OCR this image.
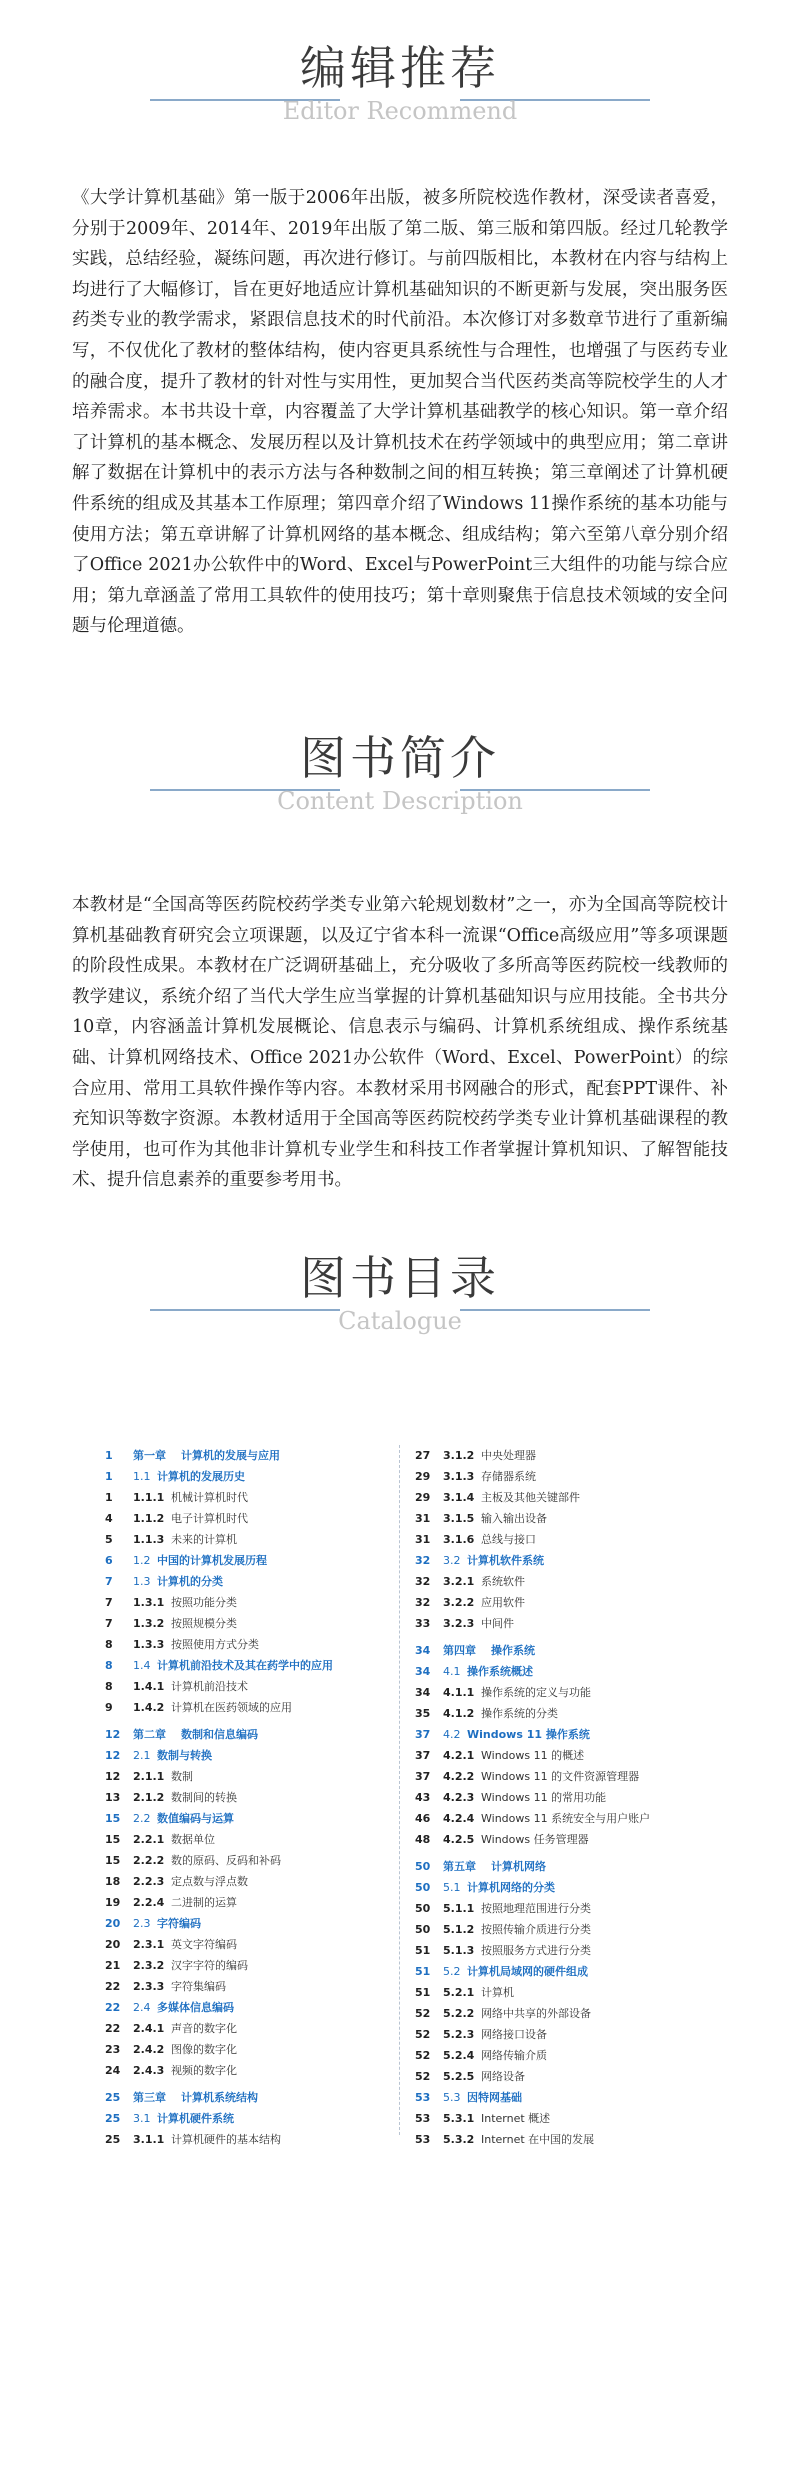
编辑推荐
Editor Recommend
《大学计算机基础》第一版于2006年出版，被多所院校选作教材，深受读者喜爱，分别于2009年、2014年、2019年出版了第二版、第三版和第四版。经过几轮教学实践，总结经验，凝练问题，再次进行修订。与前四版相比，本教材在内容与结构上均进行了大幅修订，旨在更好地适应计算机基础知识的不断更新与发展，突出服务医药类专业的教学需求，紧跟信息技术的时代前沿。本次修订对多数章节进行了重新编写，不仅优化了教材的整体结构，使内容更具系统性与合理性，也增强了与医药专业的融合度，提升了教材的针对性与实用性，更加契合当代医药类高等院校学生的人才培养需求。本书共设十章，内容覆盖了大学计算机基础教学的核心知识。第一章介绍了计算机的基本概念、发展历程以及计算机技术在药学领域中的典型应用；第二章讲解了数据在计算机中的表示方法与各种数制之间的相互转换；第三章阐述了计算机硬件系统的组成及其基本工作原理；第四章介绍了Windows 11操作系统的基本功能与使用方法；第五章讲解了计算机网络的基本概念、组成结构；第六至第八章分别介绍了Office 2021办公软件中的Word、Excel与PowerPoint三大组件的功能与综合应用；第九章涵盖了常用工具软件的使用技巧；第十章则聚焦于信息技术领域的安全问题与伦理道德。
图书简介
Content Description
本教材是“全国高等医药院校药学类专业第六轮规划数材”之一，亦为全国高等院校计算机基础教育研究会立项课题，以及辽宁省本科一流课“Office高级应用”等多项课题的阶段性成果。本教材在广泛调研基础上，充分吸收了多所高等医药院校一线教师的教学建议，系统介绍了当代大学生应当掌握的计算机基础知识与应用技能。全书共分10章，内容涵盖计算机发展概论、信息表示与编码、计算机系统组成、操作系统基础、计算机网络技术、Office 2021办公软件（Word、Excel、PowerPoint）的综合应用、常用工具软件操作等内容。本教材采用书网融合的形式，配套PPT课件、补充知识等数字资源。本教材适用于全国高等医药院校药学类专业计算机基础课程的教学使用，也可作为其他非计算机专业学生和科技工作者掌握计算机知识、了解智能技术、提升信息素养的重要参考用书。
图书目录
Catalogue
1 第一章 计算机的发展与应用
1 1.1 计算机的发展历史
1 1.1.1 机械计算机时代
4 1.1.2 电子计算机时代
5 1.1.3 未来的计算机
6 1.2 中国的计算机发展历程
7 1.3 计算机的分类
7 1.3.1 按照功能分类
7 1.3.2 按照规模分类
8 1.3.3 按照使用方式分类
8 1.4 计算机前沿技术及其在药学中的应用
8 1.4.1 计算机前沿技术
9 1.4.2 计算机在医药领域的应用
12 第二章 数制和信息编码
12 2.1 数制与转换
12 2.1.1 数制
13 2.1.2 数制间的转换
15 2.2 数值编码与运算
15 2.2.1 数据单位
15 2.2.2 数的原码、反码和补码
18 2.2.3 定点数与浮点数
19 2.2.4 二进制的运算
20 2.3 字符编码
20 2.3.1 英文字符编码
21 2.3.2 汉字字符的编码
22 2.3.3 字符集编码
22 2.4 多媒体信息编码
22 2.4.1 声音的数字化
23 2.4.2 图像的数字化
24 2.4.3 视频的数字化
25 第三章 计算机系统结构
25 3.1 计算机硬件系统
25 3.1.1 计算机硬件的基本结构
27 3.1.2 中央处理器
29 3.1.3 存储器系统
29 3.1.4 主板及其他关键部件
31 3.1.5 输入输出设备
31 3.1.6 总线与接口
32 3.2 计算机软件系统
32 3.2.1 系统软件
32 3.2.2 应用软件
33 3.2.3 中间件
34 第四章 操作系统
34 4.1 操作系统概述
34 4.1.1 操作系统的定义与功能
35 4.1.2 操作系统的分类
37 4.2 Windows 11 操作系统
37 4.2.1 Windows 11 的概述
37 4.2.2 Windows 11 的文件资源管理器
43 4.2.3 Windows 11 的常用功能
46 4.2.4 Windows 11 系统安全与用户账户
48 4.2.5 Windows 任务管理器
50 第五章 计算机网络
50 5.1 计算机网络的分类
50 5.1.1 按照地理范围进行分类
50 5.1.2 按照传输介质进行分类
51 5.1.3 按照服务方式进行分类
51 5.2 计算机局域网的硬件组成
51 5.2.1 计算机
52 5.2.2 网络中共享的外部设备
52 5.2.3 网络接口设备
52 5.2.4 网络传输介质
52 5.2.5 网络设备
53 5.3 因特网基础
53 5.3.1 Internet 概述
53 5.3.2 Internet 在中国的发展
